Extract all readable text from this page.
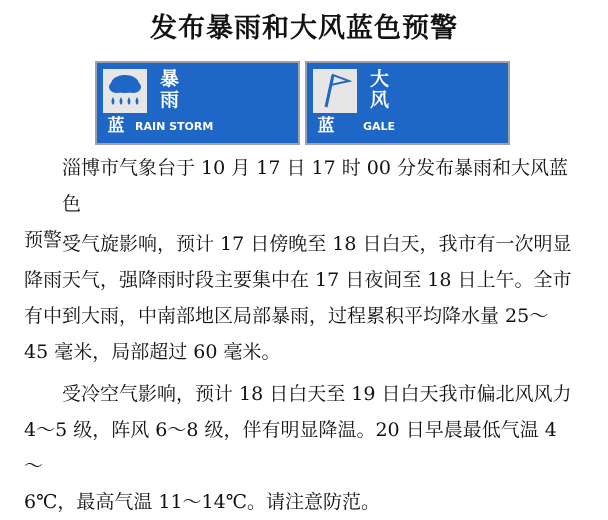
发布暴雨和大风蓝色预警
暴
雨
蓝 RAIN STORM
大
风
蓝	GALE
淄博市气象台于 10 月 17 日 17 时 00 分发布暴雨和大风蓝色
预警：
受气旋影响，预计 17 日傍晚至 18 日白天，我市有一次明显
降雨天气，强降雨时段主要集中在 17 日夜间至 18 日上午。全市
有中到大雨，中南部地区局部暴雨，过程累积平均降水量 25～
45 毫米，局部超过 60 毫米。
受冷空气影响，预计 18 日白天至 19 日白天我市偏北风风力
4～5 级，阵风 6～8 级，伴有明显降温。20 日早晨最低气温 4～
6℃，最高气温 11～14℃。请注意防范。
